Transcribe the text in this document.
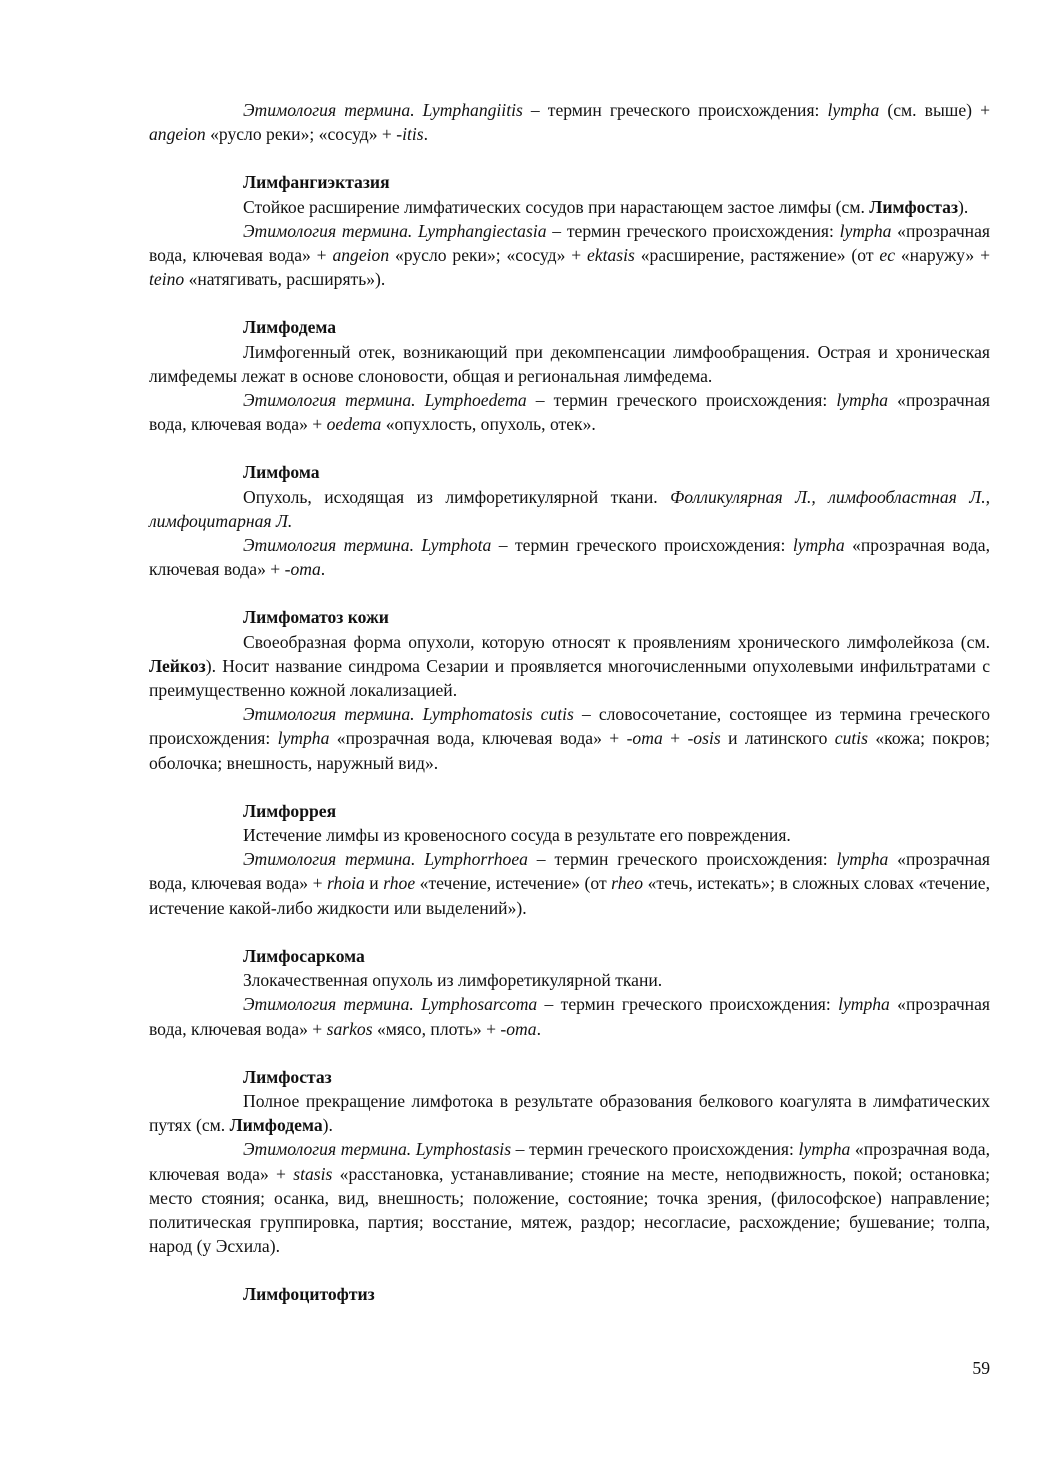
Этимология термина. Lymphangiitis – термин греческого происхождения: lympha (см. выше) + angeion «русло реки»; «сосуд» + -itis.

Лимфангиэктазия

Стойкое расширение лимфатических сосудов при нарастающем застое лимфы (см. Лимфостаз).

Этимология термина. Lymphangiectasia – термин греческого происхождения: lympha «прозрачная вода, ключевая вода» + angeion «русло реки»; «сосуд» + ektasis «расширение, растяжение» (от ec «наружу» + teino «натягивать, расширять»).

Лимфодема

Лимфогенный отек, возникающий при декомпенсации лимфообращения. Острая и хроническая лимфедемы лежат в основе слоновости, общая и региональная лимфедема.

Этимология термина. Lymphoedema – термин греческого происхождения: lympha «прозрачная вода, ключевая вода» + oedema «опухлость, опухоль, отек».

Лимфома

Опухоль, исходящая из лимфоретикулярной ткани. Фолликулярная Л., лимфообластная Л., лимфоцитарная Л.

Этимология термина. Lymphota – термин греческого происхождения: lympha «прозрачная вода, ключевая вода» + -oma.

Лимфоматоз кожи

Своеобразная форма опухоли, которую относят к проявлениям хронического лимфолейкоза (см. Лейкоз). Носит название синдрома Сезарии и проявляется многочисленными опухолевыми инфильтратами с преимущественно кожной локализацией.

Этимология термина. Lymphomatosis cutis – словосочетание, состоящее из термина греческого происхождения: lympha «прозрачная вода, ключевая вода» + -oma + -osis и латинского cutis «кожа; покров; оболочка; внешность, наружный вид».

Лимфоррея

Истечение лимфы из кровеносного сосуда в результате его повреждения.

Этимология термина. Lymphorrhoea – термин греческого происхождения: lympha «прозрачная вода, ключевая вода» + rhoia и rhoe «течение, истечение» (от rheo «течь, истекать»; в сложных словах «течение, истечение какой-либо жидкости или выделений»).

Лимфосаркома

Злокачественная опухоль из лимфоретикулярной ткани.

Этимология термина. Lymphosarcoma – термин греческого происхождения: lympha «прозрачная вода, ключевая вода» + sarkos «мясо, плоть» + -oma.

Лимфостаз

Полное прекращение лимфотока в результате образования белкового коагулята в лимфатических путях (см. Лимфодема).

Этимология термина. Lymphostasis – термин греческого происхождения: lympha «прозрачная вода, ключевая вода» + stasis «расстановка, устанавливание; стояние на месте, неподвижность, покой; остановка; место стояния; осанка, вид, внешность; положение, состояние; точка зрения, (философское) направление; политическая группировка, партия; восстание, мятеж, раздор; несогласие, расхождение; бушевание; толпа, народ (у Эсхила).

Лимфоцитофтиз
59
